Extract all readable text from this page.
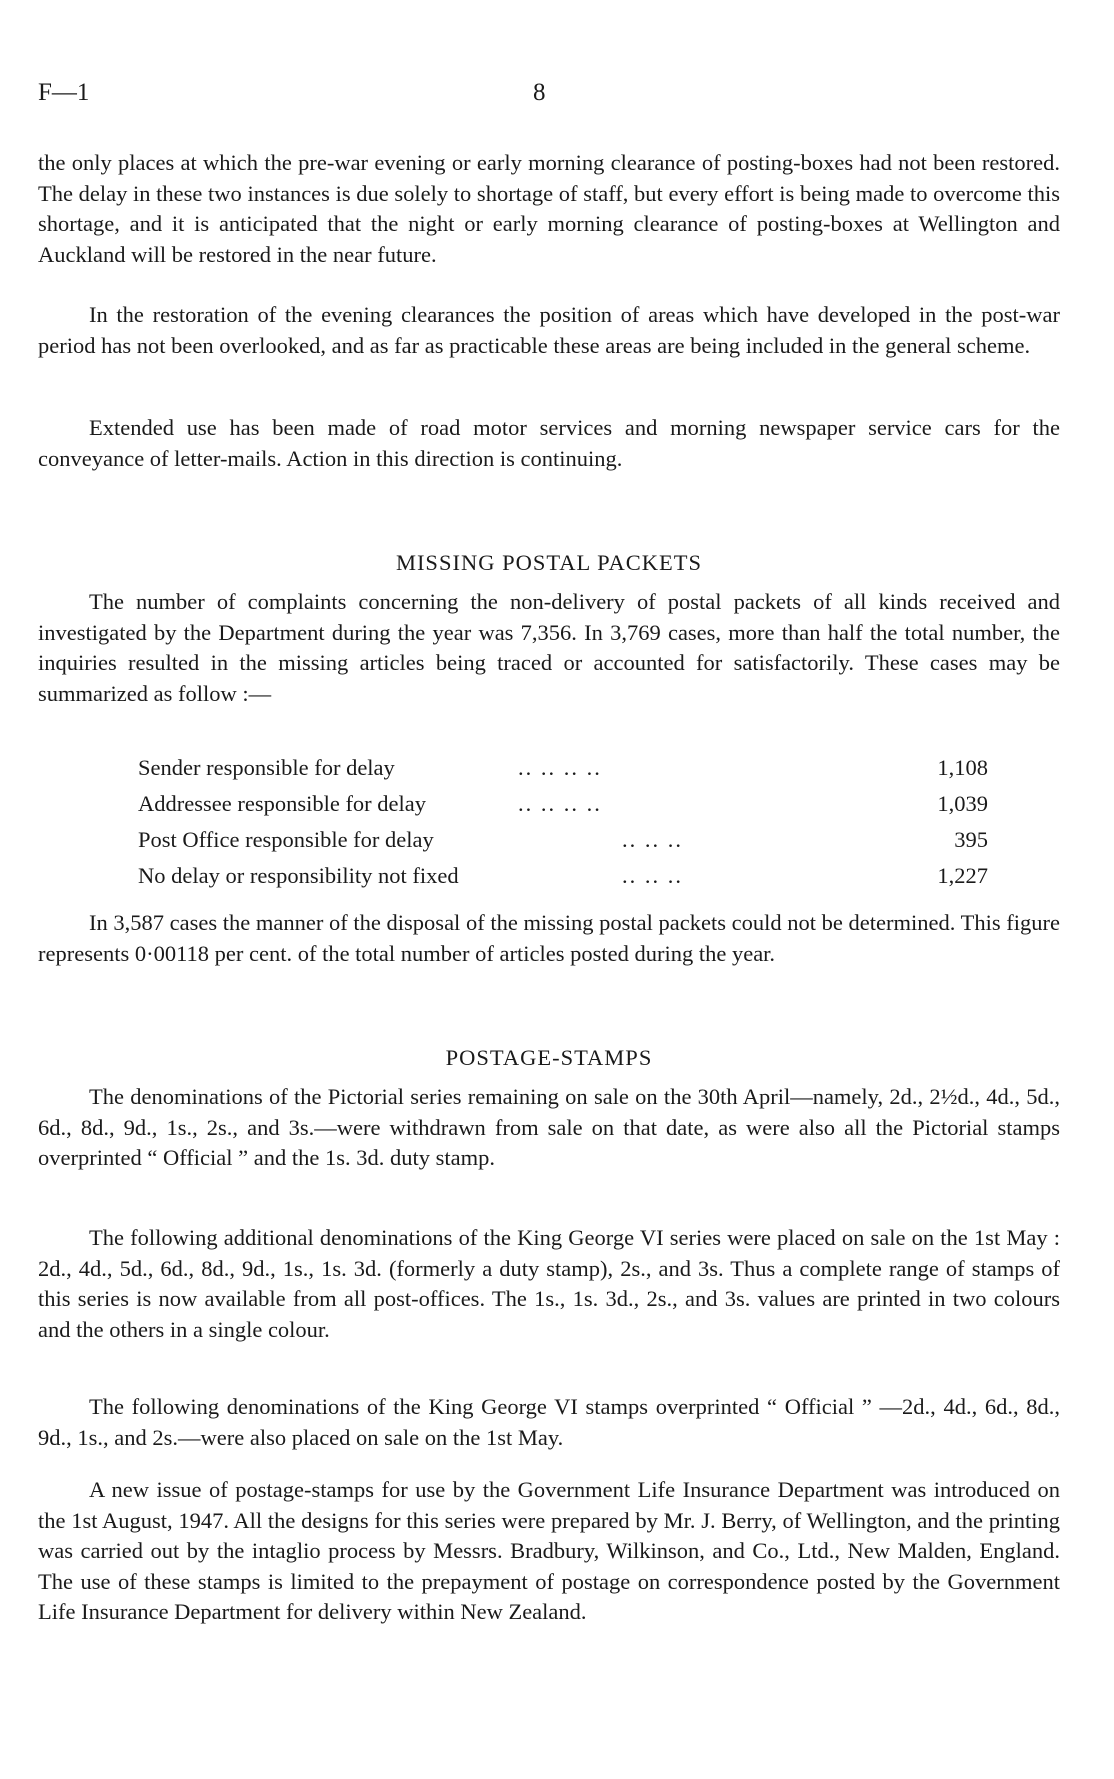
F—1	8

the only places at which the pre-war evening or early morning clearance of posting-boxes had not been restored. The delay in these two instances is due solely to shortage of staff, but every effort is being made to overcome this shortage, and it is anticipated that the night or early morning clearance of posting-boxes at Wellington and Auckland will be restored in the near future.

In the restoration of the evening clearances the position of areas which have developed in the post-war period has not been overlooked, and as far as practicable these areas are being included in the general scheme.

Extended use has been made of road motor services and morning newspaper service cars for the conveyance of letter-mails. Action in this direction is continuing.

MISSING POSTAL PACKETS

The number of complaints concerning the non-delivery of postal packets of all kinds received and investigated by the Department during the year was 7,356. In 3,769 cases, more than half the total number, the inquiries resulted in the missing articles being traced or accounted for satisfactorily. These cases may be summarized as follow :—

Sender responsible for delay	.. .. .. ..	1,108
Addressee responsible for delay	.. .. .. ..	1,039
Post Office responsible for delay	.. .. ..	395
No delay or responsibility not fixed	.. .. ..	1,227

In 3,587 cases the manner of the disposal of the missing postal packets could not be determined. This figure represents 0·00118 per cent. of the total number of articles posted during the year.

POSTAGE-STAMPS

The denominations of the Pictorial series remaining on sale on the 30th April—namely, 2d., 2½d., 4d., 5d., 6d., 8d., 9d., 1s., 2s., and 3s.—were withdrawn from sale on that date, as were also all the Pictorial stamps overprinted “ Official ” and the 1s. 3d. duty stamp.

The following additional denominations of the King George VI series were placed on sale on the 1st May : 2d., 4d., 5d., 6d., 8d., 9d., 1s., 1s. 3d. (formerly a duty stamp), 2s., and 3s. Thus a complete range of stamps of this series is now available from all post-offices. The 1s., 1s. 3d., 2s., and 3s. values are printed in two colours and the others in a single colour.

The following denominations of the King George VI stamps overprinted “ Official ” —2d., 4d., 6d., 8d., 9d., 1s., and 2s.—were also placed on sale on the 1st May.

A new issue of postage-stamps for use by the Government Life Insurance Department was introduced on the 1st August, 1947. All the designs for this series were prepared by Mr. J. Berry, of Wellington, and the printing was carried out by the intaglio process by Messrs. Bradbury, Wilkinson, and Co., Ltd., New Malden, England. The use of these stamps is limited to the prepayment of postage on correspondence posted by the Government Life Insurance Department for delivery within New Zealand.
